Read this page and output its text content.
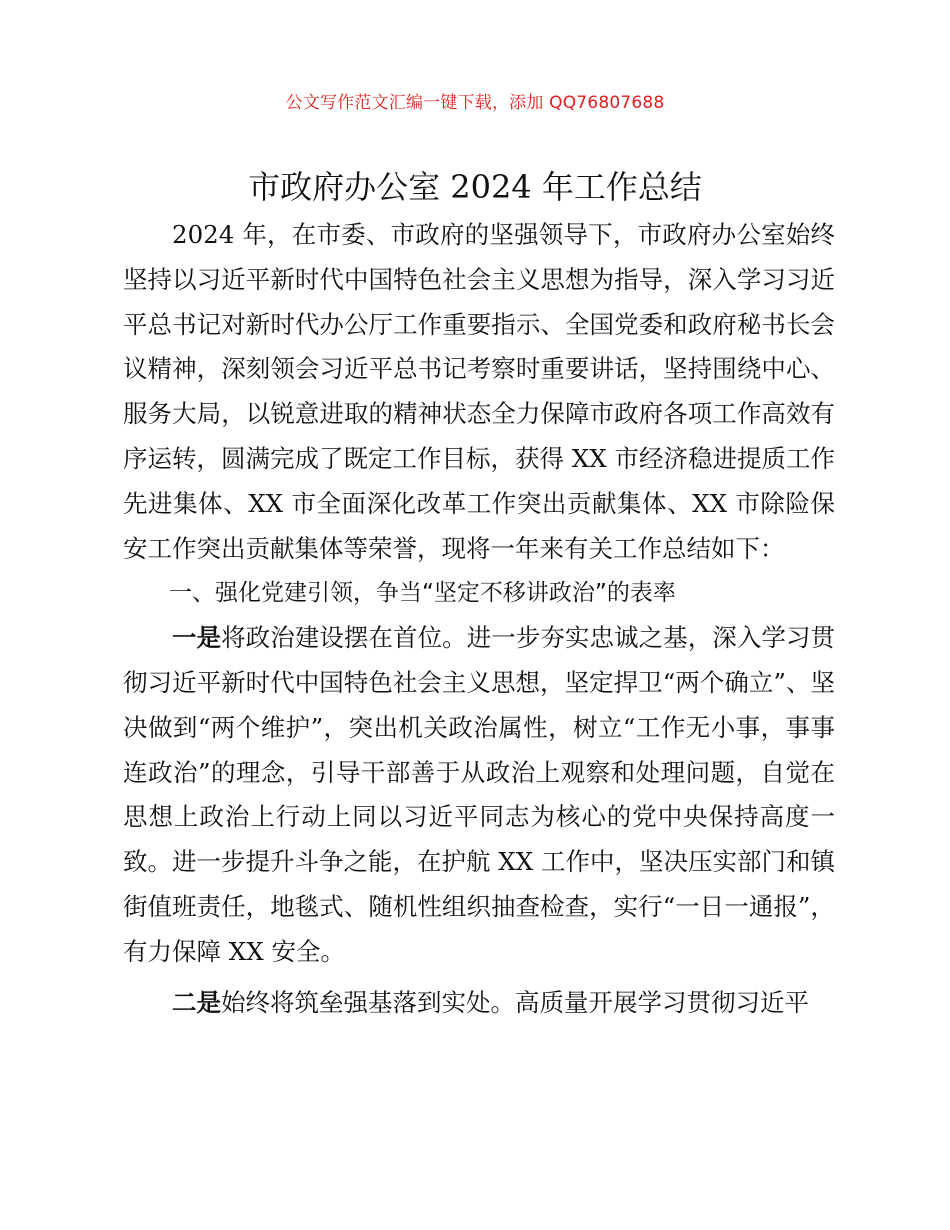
公文写作范文汇编一键下载，添加 QQ76807688
市政府办公室 2024 年工作总结

2024 年，在市委、市政府的坚强领导下，市政府办公室始终坚持以习近平新时代中国特色社会主义思想为指导，深入学习习近平总书记对新时代办公厅工作重要指示、全国党委和政府秘书长会议精神，深刻领会习近平总书记考察时重要讲话，坚持围绕中心、服务大局，以锐意进取的精神状态全力保障市政府各项工作高效有序运转，圆满完成了既定工作目标，获得 XX 市经济稳进提质工作先进集体、XX 市全面深化改革工作突出贡献集体、XX 市除险保安工作突出贡献集体等荣誉，现将一年来有关工作总结如下：

一、强化党建引领，争当“坚定不移讲政治”的表率

一是将政治建设摆在首位。进一步夯实忠诚之基，深入学习贯彻习近平新时代中国特色社会主义思想，坚定捍卫“两个确立”、坚决做到“两个维护”，突出机关政治属性，树立“工作无小事，事事连政治”的理念，引导干部善于从政治上观察和处理问题，自觉在思想上政治上行动上同以习近平同志为核心的党中央保持高度一致。进一步提升斗争之能，在护航 XX 工作中，坚决压实部门和镇街值班责任，地毯式、随机性组织抽查检查，实行“一日一通报”，有力保障 XX 安全。

二是始终将筑垒强基落到实处。高质量开展学习贯彻习近平
